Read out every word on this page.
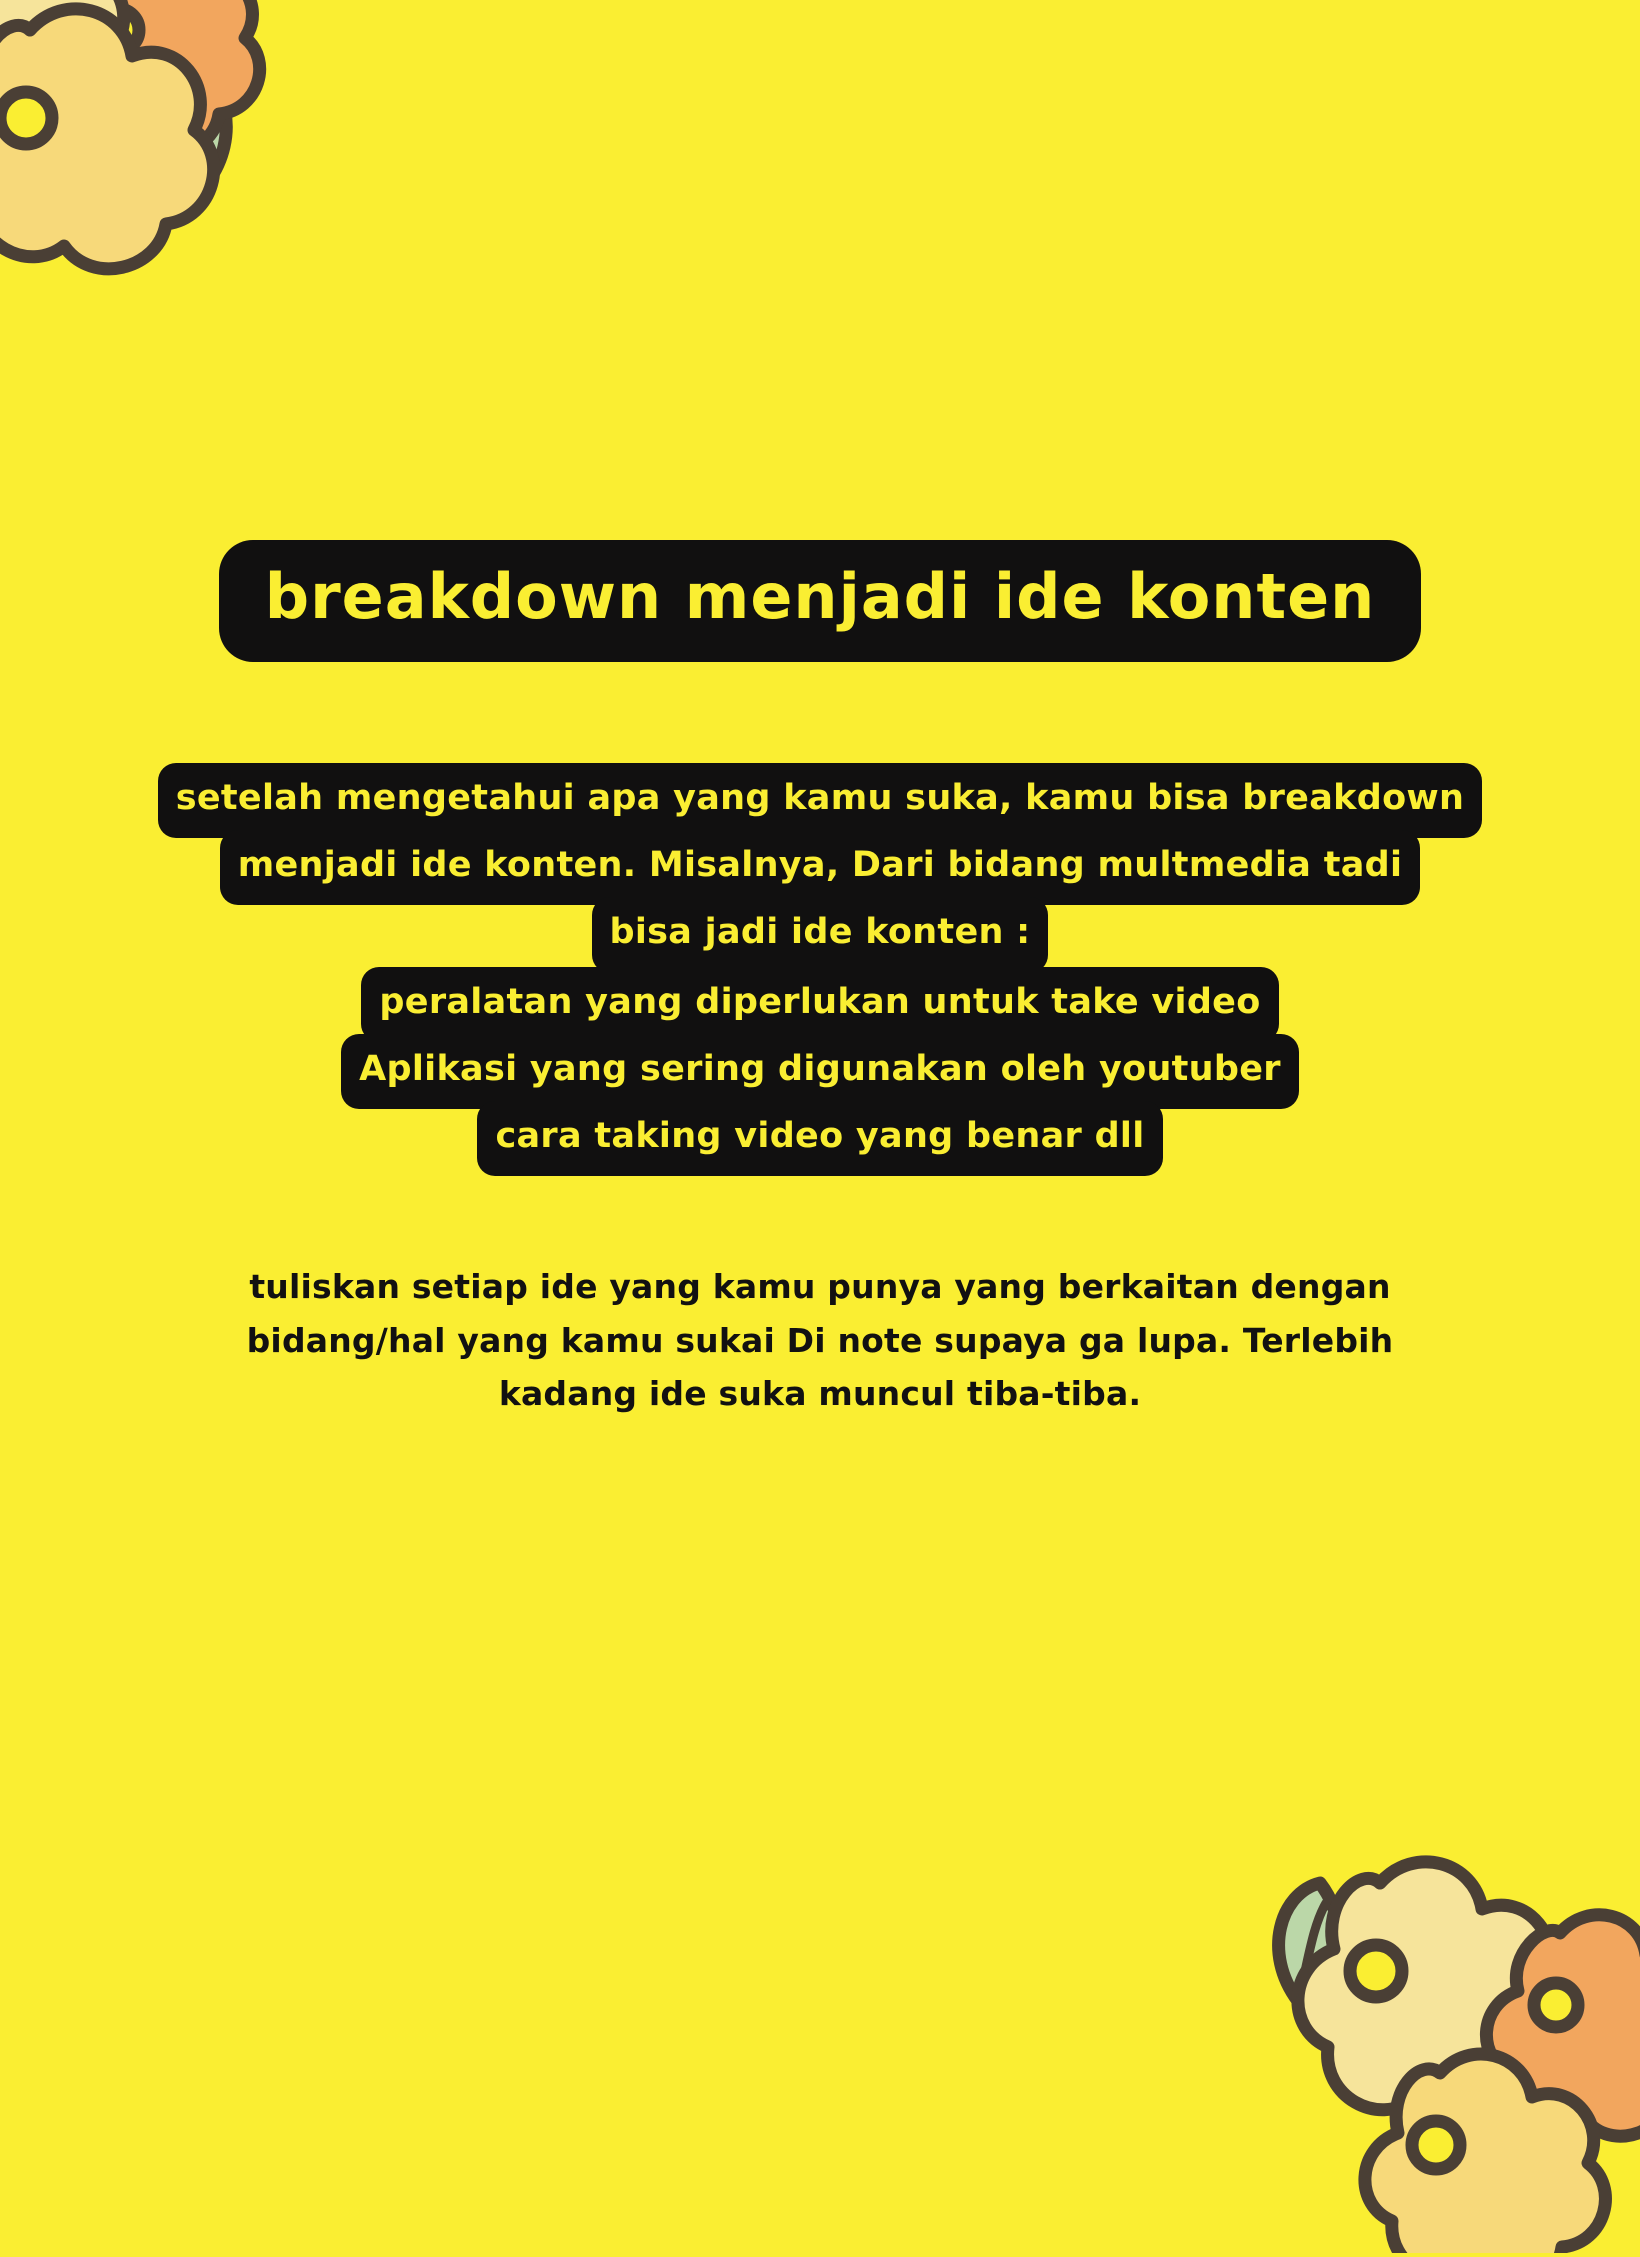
breakdown menjadi ide konten
setelah mengetahui apa yang kamu suka, kamu bisa breakdown
menjadi ide konten. Misalnya, Dari bidang multmedia tadi
bisa jadi ide konten :
peralatan yang diperlukan untuk take video
Aplikasi yang sering digunakan oleh youtuber
cara taking video yang benar dll
tuliskan setiap ide yang kamu punya yang berkaitan dengan bidang/hal yang kamu sukai Di note supaya ga lupa. Terlebih kadang ide suka muncul tiba-tiba.
